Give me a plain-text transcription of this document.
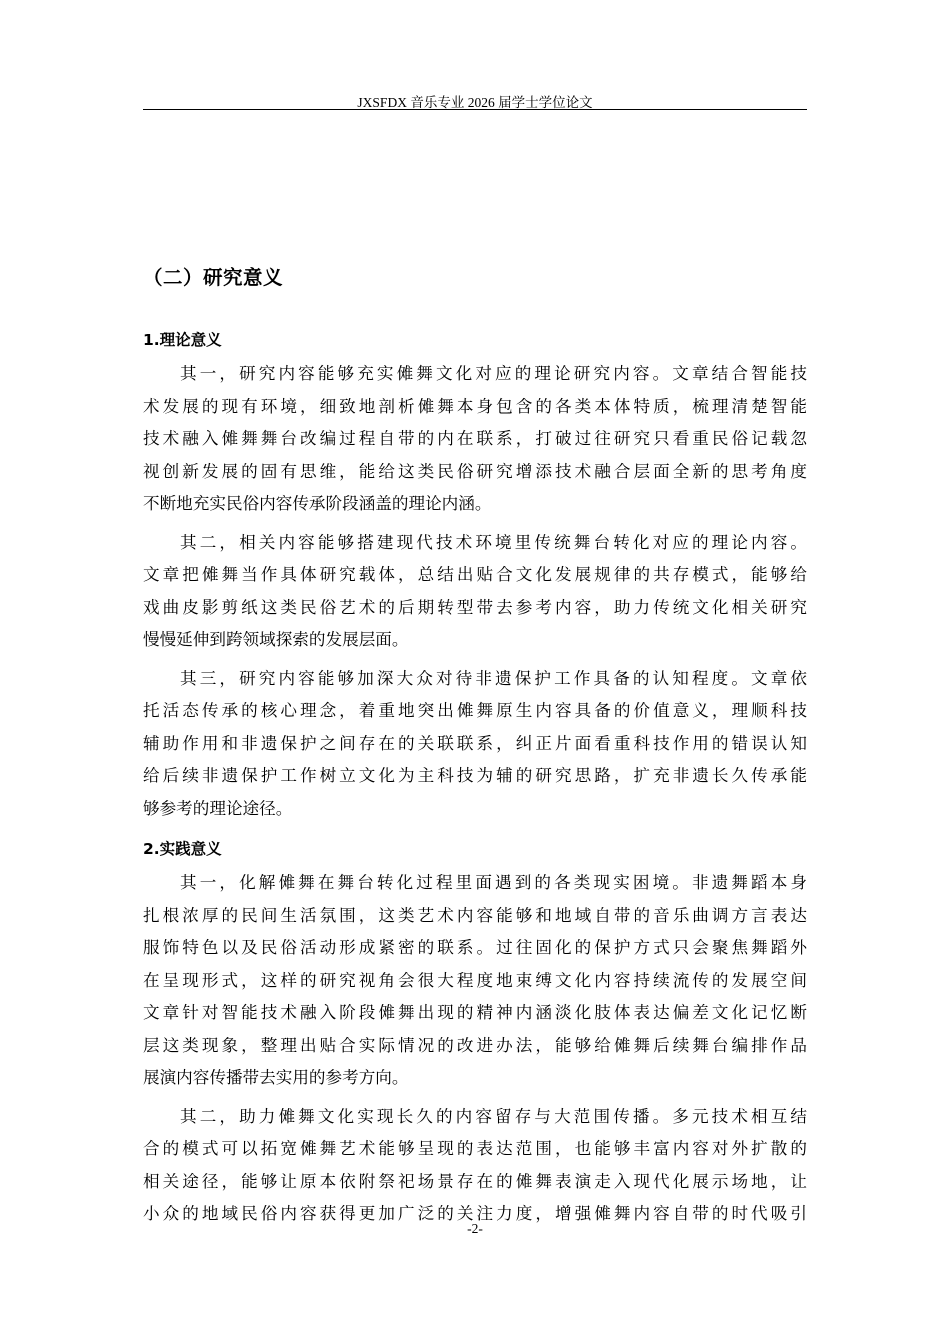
JXSFDX 音乐专业 2026 届学士学位论文
（二）研究意义
1.理论意义
其一，研究内容能够充实傩舞文化对应的理论研究内容。文章结合智能技
术发展的现有环境，细致地剖析傩舞本身包含的各类本体特质，梳理清楚智能
技术融入傩舞舞台改编过程自带的内在联系，打破过往研究只看重民俗记载忽
视创新发展的固有思维，能给这类民俗研究增添技术融合层面全新的思考角度
不断地充实民俗内容传承阶段涵盖的理论内涵。
其二，相关内容能够搭建现代技术环境里传统舞台转化对应的理论内容。
文章把傩舞当作具体研究载体，总结出贴合文化发展规律的共存模式，能够给
戏曲皮影剪纸这类民俗艺术的后期转型带去参考内容，助力传统文化相关研究
慢慢延伸到跨领域探索的发展层面。
其三，研究内容能够加深大众对待非遗保护工作具备的认知程度。文章依
托活态传承的核心理念，着重地突出傩舞原生内容具备的价值意义，理顺科技
辅助作用和非遗保护之间存在的关联联系，纠正片面看重科技作用的错误认知
给后续非遗保护工作树立文化为主科技为辅的研究思路，扩充非遗长久传承能
够参考的理论途径。
2.实践意义
其一，化解傩舞在舞台转化过程里面遇到的各类现实困境。非遗舞蹈本身
扎根浓厚的民间生活氛围，这类艺术内容能够和地域自带的音乐曲调方言表达
服饰特色以及民俗活动形成紧密的联系。过往固化的保护方式只会聚焦舞蹈外
在呈现形式，这样的研究视角会很大程度地束缚文化内容持续流传的发展空间
文章针对智能技术融入阶段傩舞出现的精神内涵淡化肢体表达偏差文化记忆断
层这类现象，整理出贴合实际情况的改进办法，能够给傩舞后续舞台编排作品
展演内容传播带去实用的参考方向。
其二，助力傩舞文化实现长久的内容留存与大范围传播。多元技术相互结
合的模式可以拓宽傩舞艺术能够呈现的表达范围，也能够丰富内容对外扩散的
相关途径，能够让原本依附祭祀场景存在的傩舞表演走入现代化展示场地，让
小众的地域民俗内容获得更加广泛的关注力度，增强傩舞内容自带的时代吸引
-2-
